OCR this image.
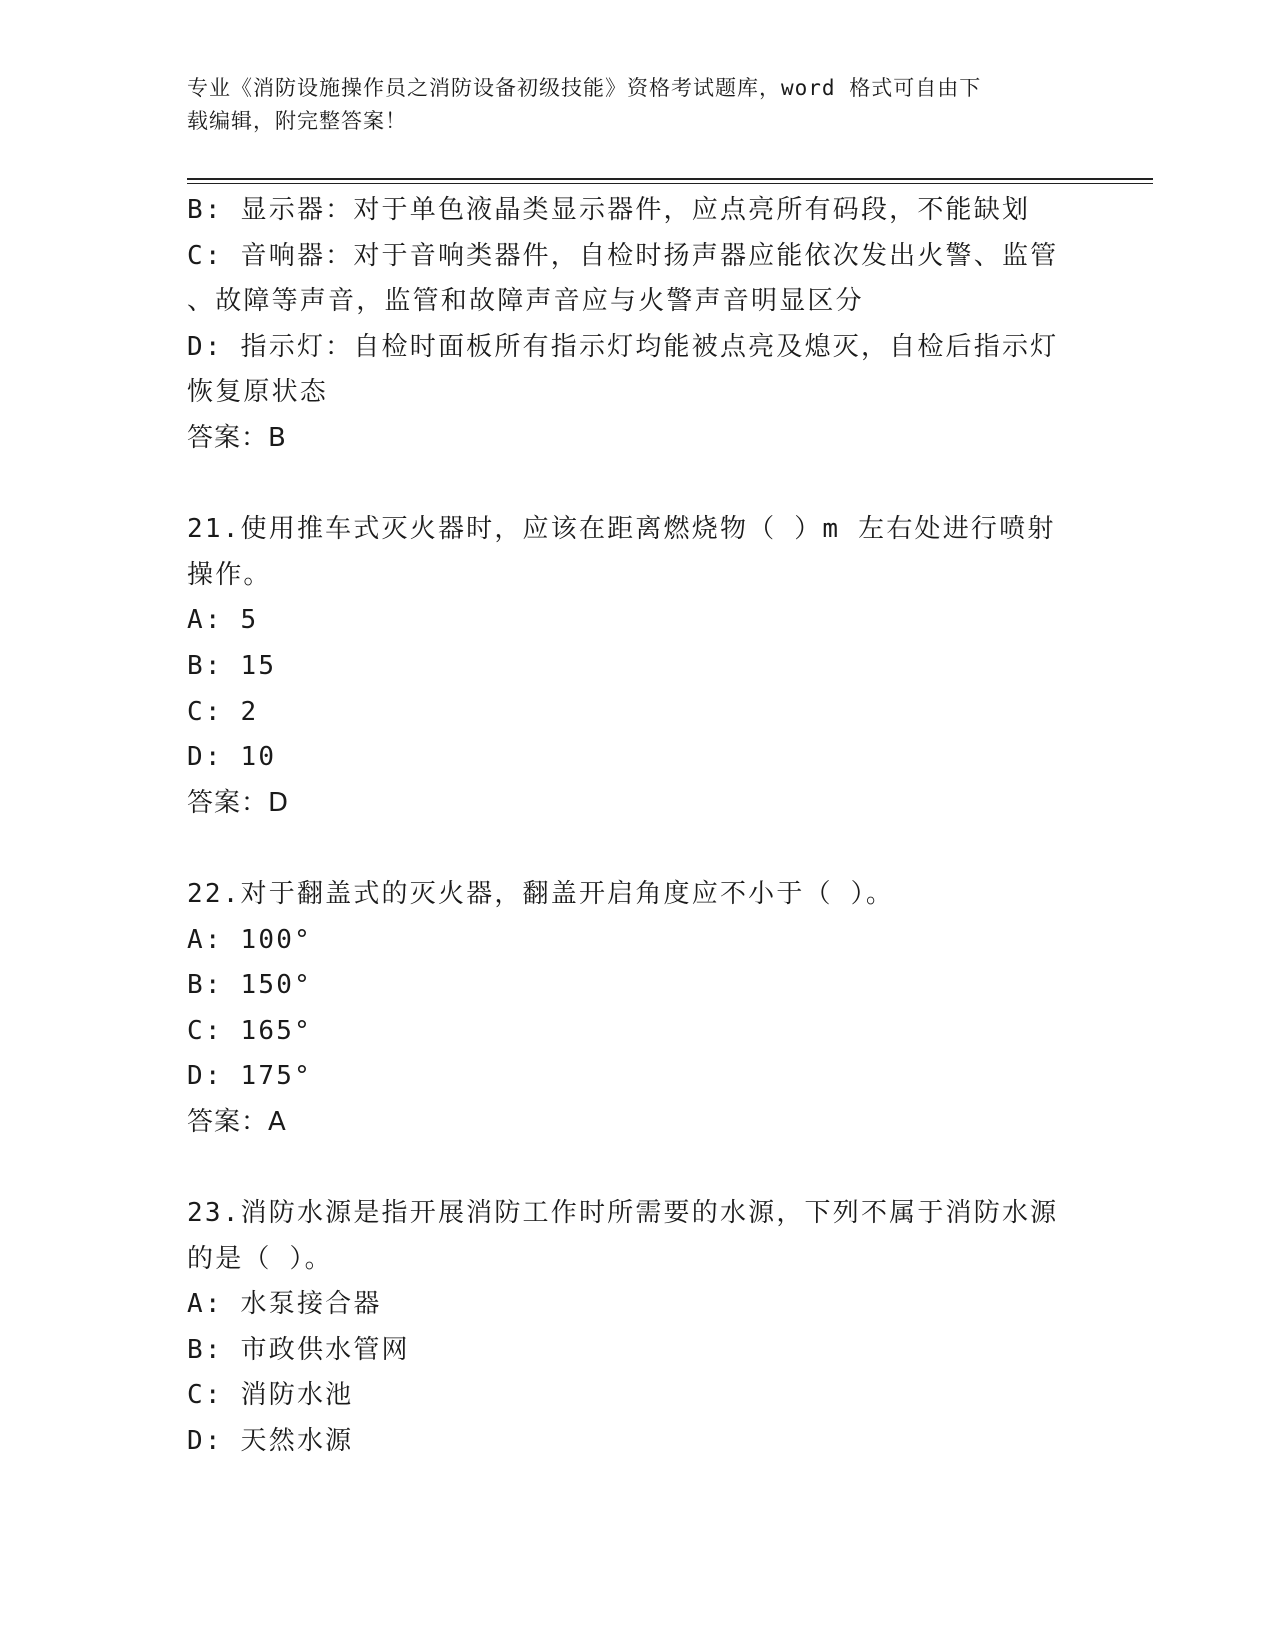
专业《消防设施操作员之消防设备初级技能》资格考试题库，word 格式可自由下
载编辑，附完整答案！
B: 显示器：对于单色液晶类显示器件，应点亮所有码段，不能缺划
C: 音响器：对于音响类器件，自检时扬声器应能依次发出火警、监管
、故障等声音，监管和故障声音应与火警声音明显区分
D: 指示灯：自检时面板所有指示灯均能被点亮及熄灭，自检后指示灯
恢复原状态
答案：B
21.使用推车式灭火器时，应该在距离燃烧物（ ）m 左右处进行喷射
操作。
A: 5
B: 15
C: 2
D: 10
答案：D
22.对于翻盖式的灭火器，翻盖开启角度应不小于（ ）。
A: 100°
B: 150°
C: 165°
D: 175°
答案：A
23.消防水源是指开展消防工作时所需要的水源，下列不属于消防水源
的是（ ）。
A: 水泵接合器
B: 市政供水管网
C: 消防水池
D: 天然水源
